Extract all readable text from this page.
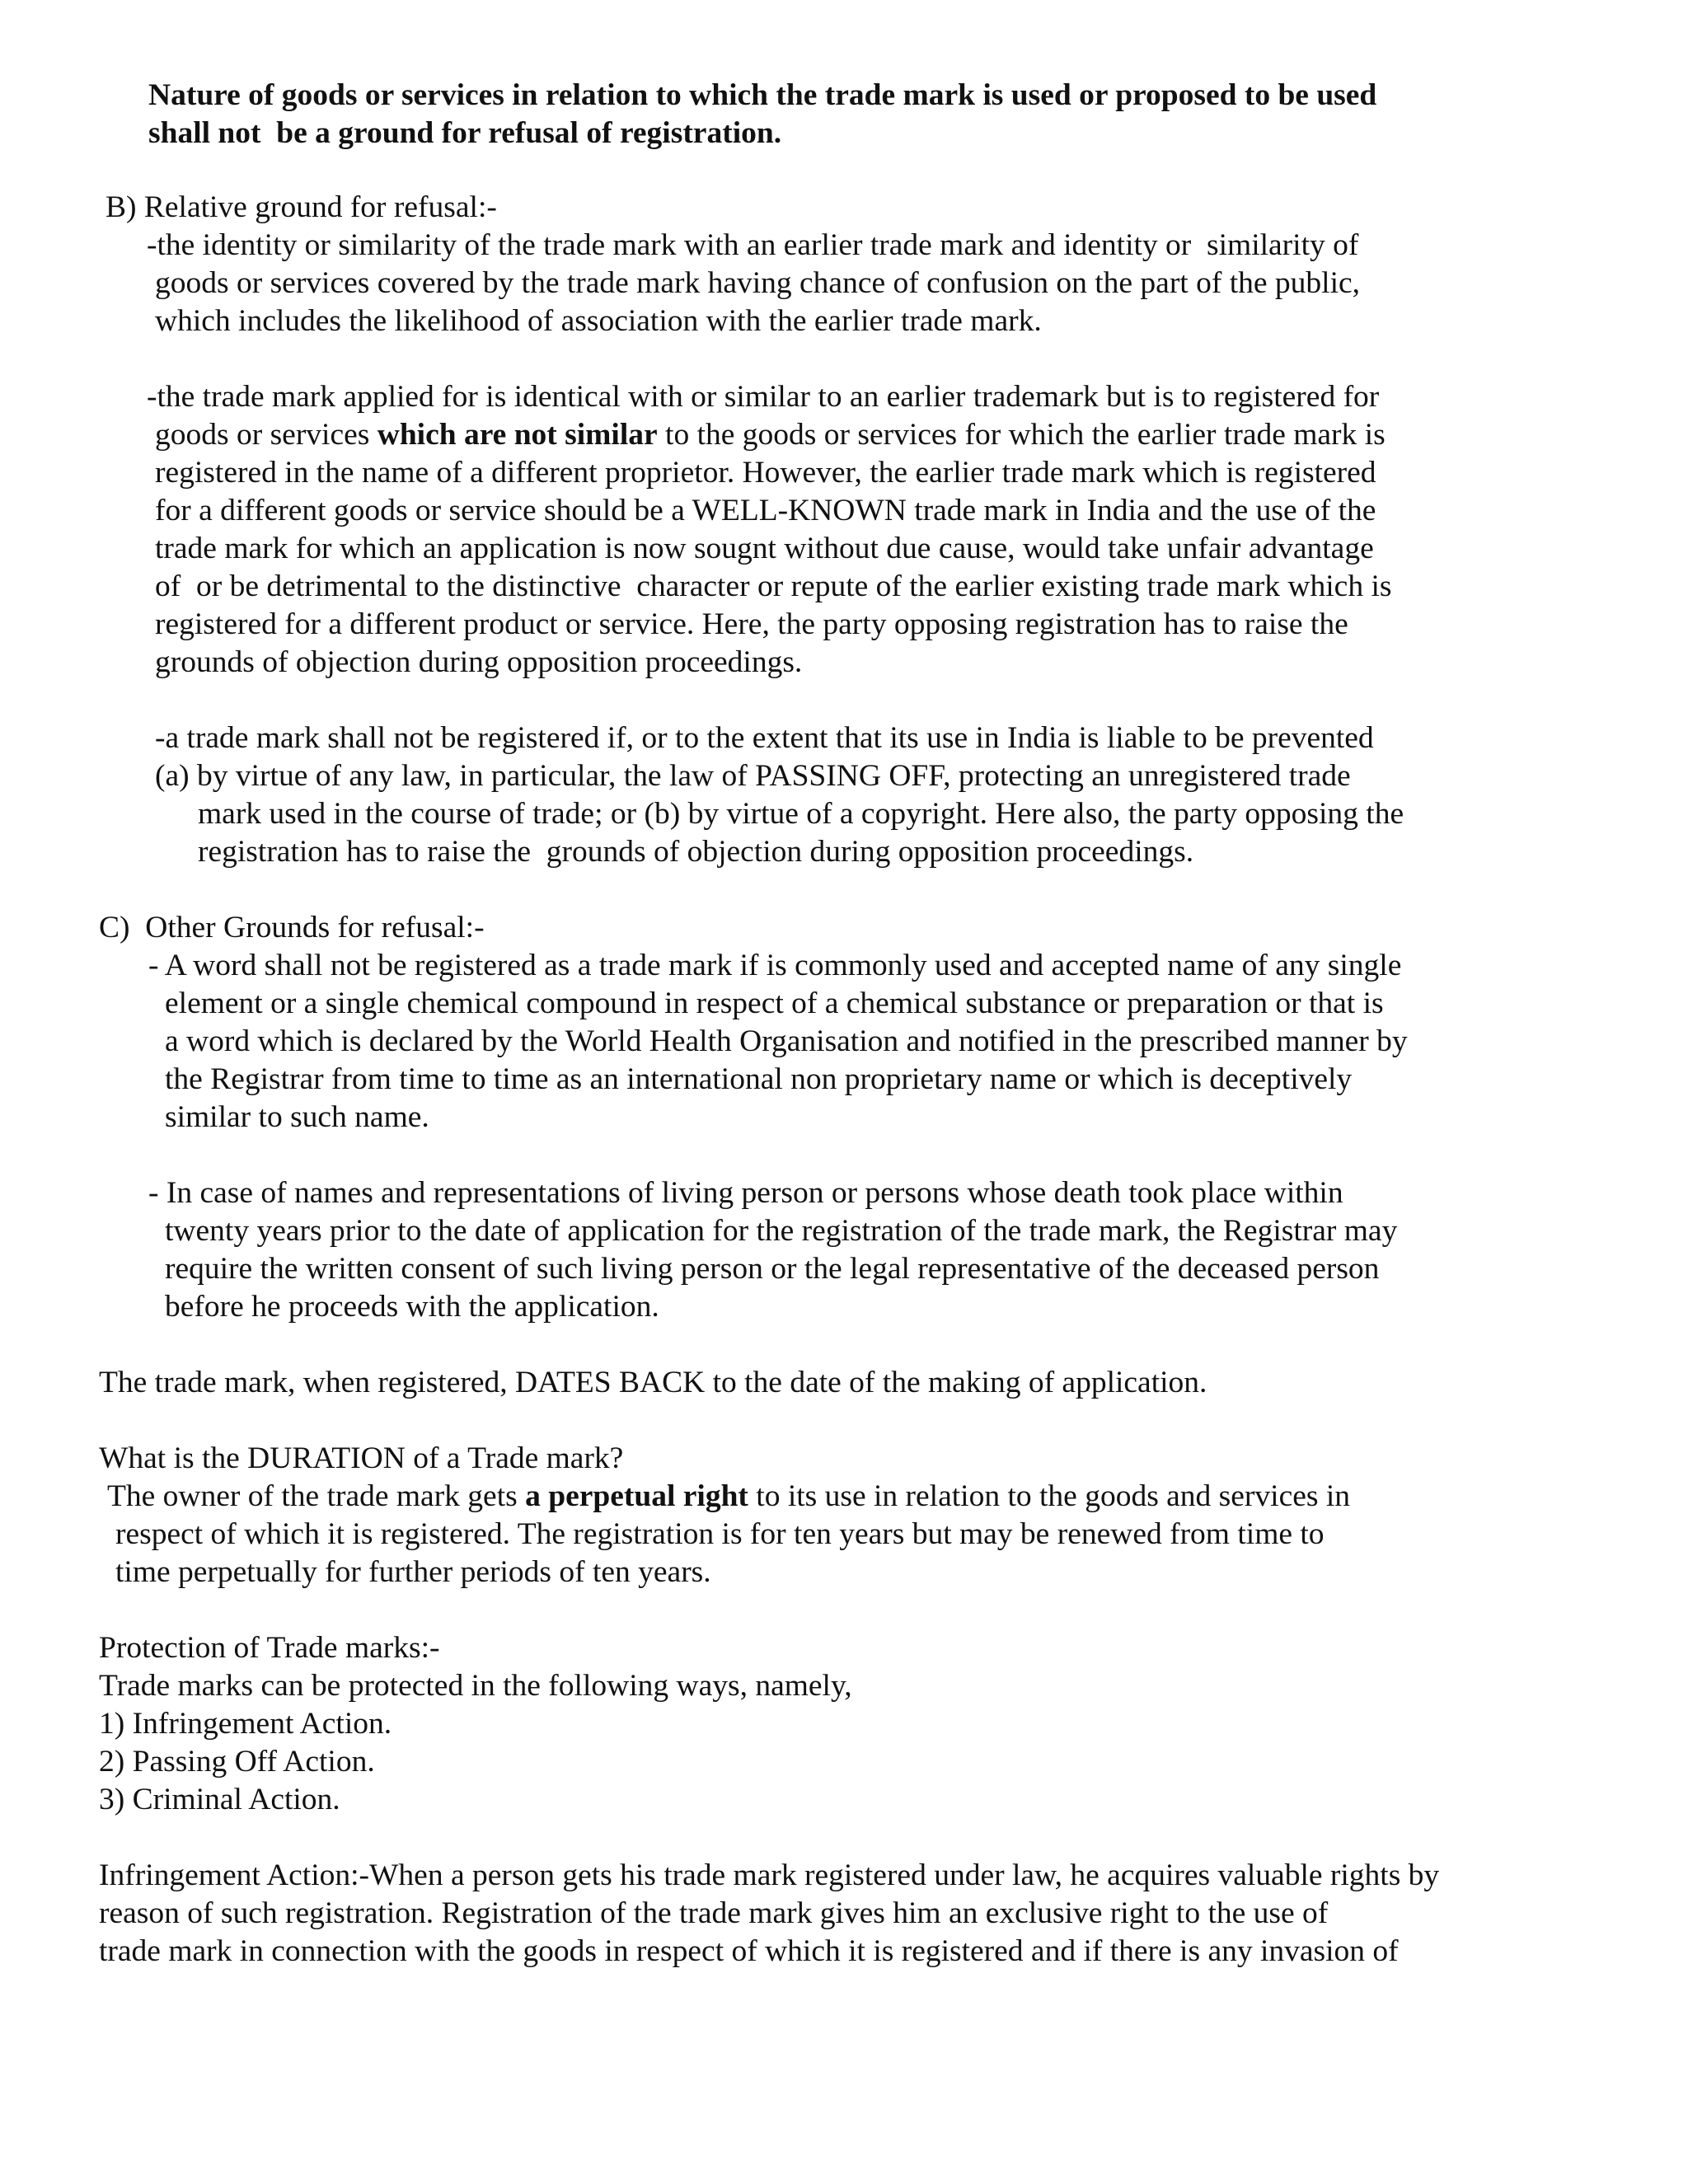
Nature of goods or services in relation to which the trade mark is used or proposed to be used

shall not  be a ground for refusal of registration.

B) Relative ground for refusal:-

-the identity or similarity of the trade mark with an earlier trade mark and identity or  similarity of

goods or services covered by the trade mark having chance of confusion on the part of the public,

which includes the likelihood of association with the earlier trade mark.

-the trade mark applied for is identical with or similar to an earlier trademark but is to registered for

goods or services which are not similar to the goods or services for which the earlier trade mark is

registered in the name of a different proprietor. However, the earlier trade mark which is registered

for a different goods or service should be a WELL-KNOWN trade mark in India and the use of the

trade mark for which an application is now sougnt without due cause, would take unfair advantage

of  or be detrimental to the distinctive  character or repute of the earlier existing trade mark which is

registered for a different product or service. Here, the party opposing registration has to raise the

grounds of objection during opposition proceedings.

-a trade mark shall not be registered if, or to the extent that its use in India is liable to be prevented

(a) by virtue of any law, in particular, the law of PASSING OFF, protecting an unregistered trade

mark used in the course of trade; or (b) by virtue of a copyright. Here also, the party opposing the

registration has to raise the  grounds of objection during opposition proceedings.

C)  Other Grounds for refusal:-

- A word shall not be registered as a trade mark if is commonly used and accepted name of any single

element or a single chemical compound in respect of a chemical substance or preparation or that is

a word which is declared by the World Health Organisation and notified in the prescribed manner by

the Registrar from time to time as an international non proprietary name or which is deceptively

similar to such name.

- In case of names and representations of living person or persons whose death took place within

twenty years prior to the date of application for the registration of the trade mark, the Registrar may

require the written consent of such living person or the legal representative of the deceased person

before he proceeds with the application.

The trade mark, when registered, DATES BACK to the date of the making of application.

What is the DURATION of a Trade mark?

The owner of the trade mark gets a perpetual right to its use in relation to the goods and services in

respect of which it is registered. The registration is for ten years but may be renewed from time to

time perpetually for further periods of ten years.

Protection of Trade marks:-

Trade marks can be protected in the following ways, namely,

1) Infringement Action.

2) Passing Off Action.

3) Criminal Action.

Infringement Action:-When a person gets his trade mark registered under law, he acquires valuable rights by

reason of such registration. Registration of the trade mark gives him an exclusive right to the use of

trade mark in connection with the goods in respect of which it is registered and if there is any invasion of
